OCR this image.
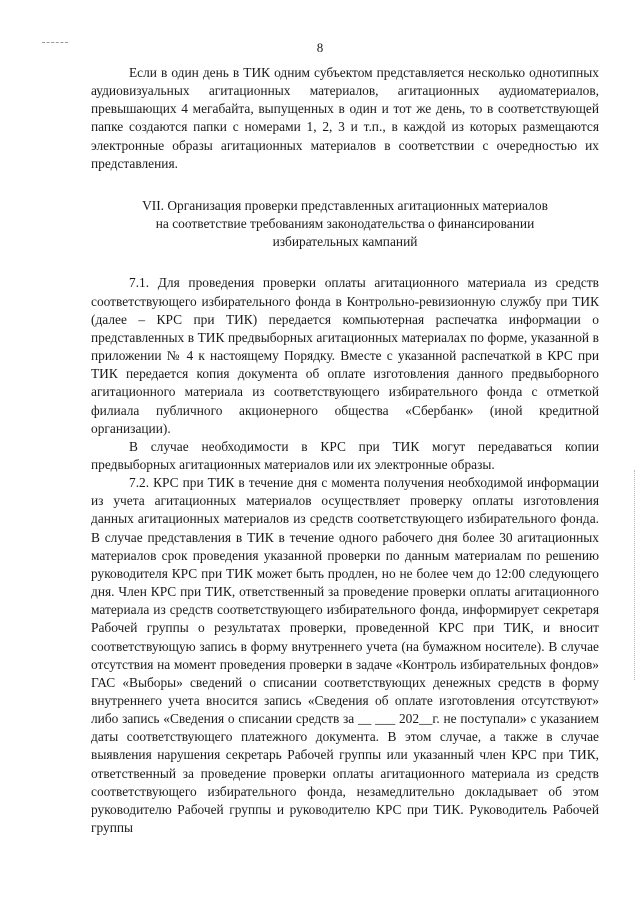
8

Если в один день в ТИК одним субъектом представляется несколько однотипных аудиовизуальных агитационных материалов, агитационных аудиоматериалов, превышающих 4 мегабайта, выпущенных в один и тот же день, то в соответствующей папке создаются папки с номерами 1, 2, 3 и т.п., в каждой из которых размещаются электронные образы агитационных материалов в соответствии с очередностью их представления.

VII. Организация проверки представленных агитационных материалов
на соответствие требованиям законодательства о финансировании
избирательных кампаний

7.1. Для проведения проверки оплаты агитационного материала из средств соответствующего избирательного фонда в Контрольно-ревизионную службу при ТИК (далее – КРС при ТИК) передается компьютерная распечатка информации о представленных в ТИК предвыборных агитационных материалах по форме, указанной в приложении № 4 к настоящему Порядку. Вместе с указанной распечаткой в КРС при ТИК передается копия документа об оплате изготовления данного предвыборного агитационного материала из соответствующего избирательного фонда с отметкой филиала публичного акционерного общества «Сбербанк» (иной кредитной организации).

В случае необходимости в КРС при ТИК могут передаваться копии предвыборных агитационных материалов или их электронные образы.

7.2. КРС при ТИК в течение дня с момента получения необходимой информации из учета агитационных материалов осуществляет проверку оплаты изготовления данных агитационных материалов из средств соответствующего избирательного фонда. В случае представления в ТИК в течение одного рабочего дня более 30 агитационных материалов срок проведения указанной проверки по данным материалам по решению руководителя КРС при ТИК может быть продлен, но не более чем до 12:00 следующего дня. Член КРС при ТИК, ответственный за проведение проверки оплаты агитационного материала из средств соответствующего избирательного фонда, информирует секретаря Рабочей группы о результатах проверки, проведенной КРС при ТИК, и вносит соответствующую запись в форму внутреннего учета (на бумажном носителе). В случае отсутствия на момент проведения проверки в задаче «Контроль избирательных фондов» ГАС «Выборы» сведений о списании соответствующих денежных средств в форму внутреннего учета вносится запись «Сведения об оплате изготовления отсутствуют» либо запись «Сведения о списании средств за __ ___ 202__г. не поступали» с указанием даты соответствующего платежного документа. В этом случае, а также в случае выявления нарушения секретарь Рабочей группы или указанный член КРС при ТИК, ответственный за проведение проверки оплаты агитационного материала из средств соответствующего избирательного фонда, незамедлительно докладывает об этом руководителю Рабочей группы и руководителю КРС при ТИК. Руководитель Рабочей группы
